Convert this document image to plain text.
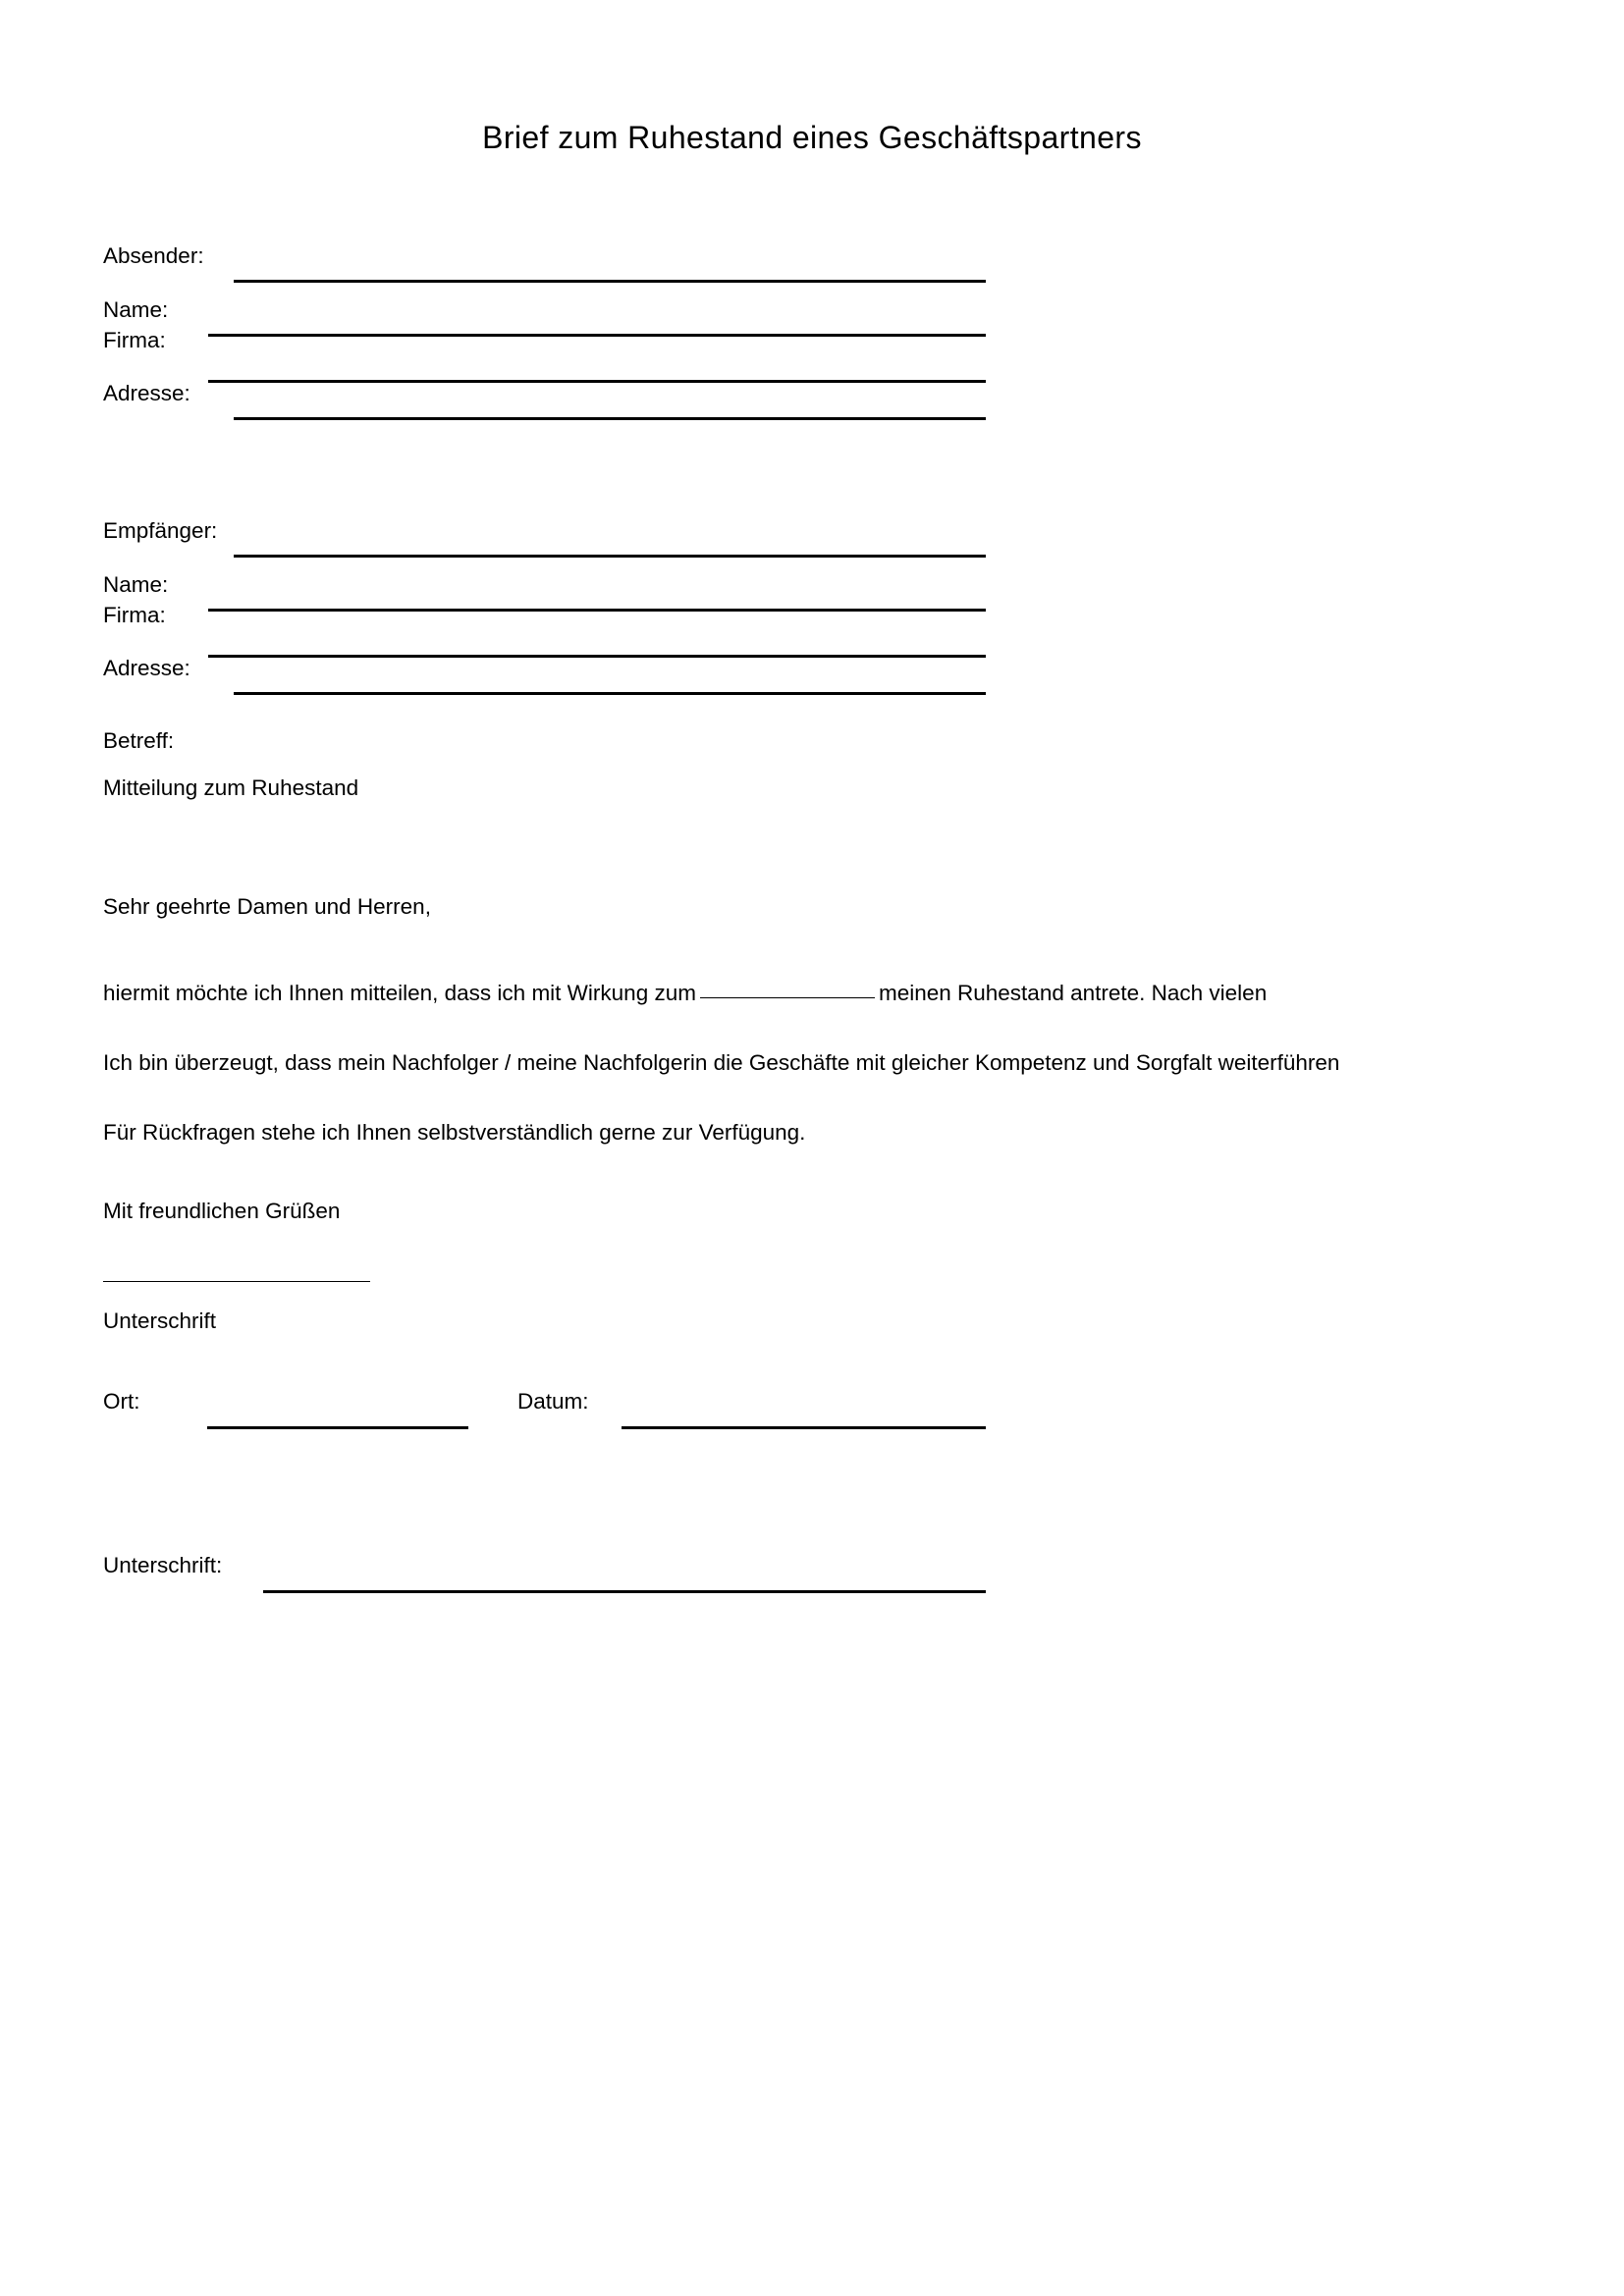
Brief zum Ruhestand eines Geschäftspartners
Absender:
Name:
Firma:
Adresse:
Empfänger:
Name:
Firma:
Adresse:
Betreff:
Mitteilung zum Ruhestand
Sehr geehrte Damen und Herren,
hiermit möchte ich Ihnen mitteilen, dass ich mit Wirkung zum	meinen Ruhestand antrete. Nach vielen
Ich bin überzeugt, dass mein Nachfolger / meine Nachfolgerin die Geschäfte mit gleicher Kompetenz und Sorgfalt weiterführen
Für Rückfragen stehe ich Ihnen selbstverständlich gerne zur Verfügung.
Mit freundlichen Grüßen
Unterschrift
Ort:	Datum:
Unterschrift:
